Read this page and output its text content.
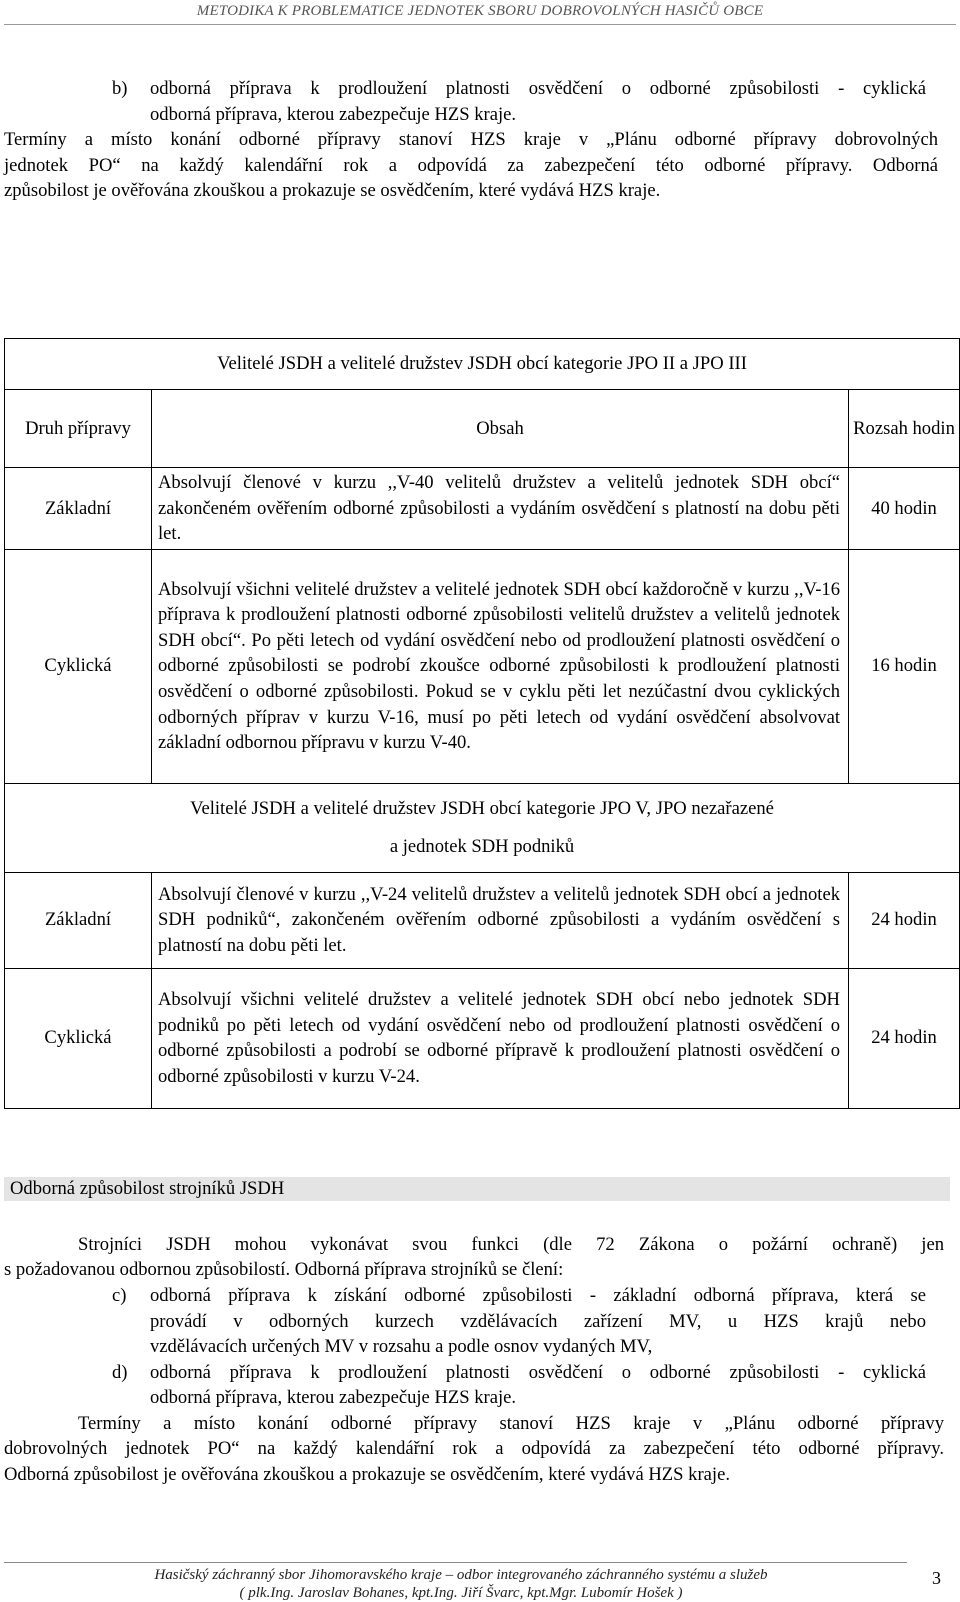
METODIKA K PROBLEMATICE JEDNOTEK SBORU DOBROVOLNÝCH HASIČŮ OBCE
b) odborná příprava k prodloužení platnosti osvědčení o odborné způsobilosti - cyklická
odborná příprava, kterou zabezpečuje HZS kraje.
Termíny a místo konání odborné přípravy stanoví HZS kraje v „Plánu odborné přípravy dobrovolných
jednotek PO“ na každý kalendářní rok a odpovídá za zabezpečení této odborné přípravy. Odborná
způsobilost je ověřována zkouškou a prokazuje se osvědčením, které vydává HZS kraje.
Velitelé JSDH a velitelé družstev JSDH obcí kategorie JPO II a JPO III		
Druh přípravy	Obsah	Rozsah hodin
Základní	Absolvují členové v kurzu ,,V-40 velitelů družstev a velitelů jednotek SDH obcí“ zakončeném ověřením odborné způsobilosti a vydáním osvědčení s platností na dobu pěti let.	40 hodin
Cyklická	Absolvují všichni velitelé družstev a velitelé jednotek SDH obcí každoročně v kurzu ,,V-16 příprava k prodloužení platnosti odborné způsobilosti velitelů družstev a velitelů jednotek SDH obcí“. Po pěti letech od vydání osvědčení nebo od prodloužení platnosti osvědčení o odborné způsobilosti se podrobí zkoušce odborné způsobilosti k prodloužení platnosti osvědčení o odborné způsobilosti. Pokud se v cyklu pěti let nezúčastní dvou cyklických odborných příprav v kurzu V-16, musí po pěti letech od vydání osvědčení absolvovat základní odbornou přípravu v kurzu V-40.	16 hodin

Velitelé JSDH a velitelé družstev JSDH obcí kategorie JPO V, JPO nezařazené
a jednotek SDH podniků		

Základní	Absolvují členové v kurzu ,,V-24 velitelů družstev a velitelů jednotek SDH obcí a jednotek SDH podniků“, zakončeném ověřením odborné způsobilosti a vydáním osvědčení s platností na dobu pěti let.	24 hodin
Cyklická	Absolvují všichni velitelé družstev a velitelé jednotek SDH obcí nebo jednotek SDH podniků po pěti letech od vydání osvědčení nebo od prodloužení platnosti osvědčení o odborné způsobilosti a podrobí se odborné přípravě k prodloužení platnosti osvědčení o odborné způsobilosti v kurzu V-24.	24 hodin
Odborná způsobilost strojníků JSDH
Strojníci JSDH mohou vykonávat svou funkci (dle 72 Zákona o požární ochraně) jen
s požadovanou odbornou způsobilostí. Odborná příprava strojníků se člení:
c) odborná příprava k získání odborné způsobilosti - základní odborná příprava, která se
provádí v odborných kurzech vzdělávacích zařízení MV, u HZS krajů nebo
vzdělávacích určených MV v rozsahu a podle osnov vydaných MV,
d) odborná příprava k prodloužení platnosti osvědčení o odborné způsobilosti - cyklická
odborná příprava, kterou zabezpečuje HZS kraje.
Termíny a místo konání odborné přípravy stanoví HZS kraje v „Plánu odborné přípravy
dobrovolných jednotek PO“ na každý kalendářní rok a odpovídá za zabezpečení této odborné přípravy.
Odborná způsobilost je ověřována zkouškou a prokazuje se osvědčením, které vydává HZS kraje.
Hasičský záchranný sbor Jihomoravského kraje – odbor integrovaného záchranného systému a služeb
( plk.Ing. Jaroslav Bohanes, kpt.Ing. Jiří Švarc, kpt.Mgr. Lubomír Hošek )
3
